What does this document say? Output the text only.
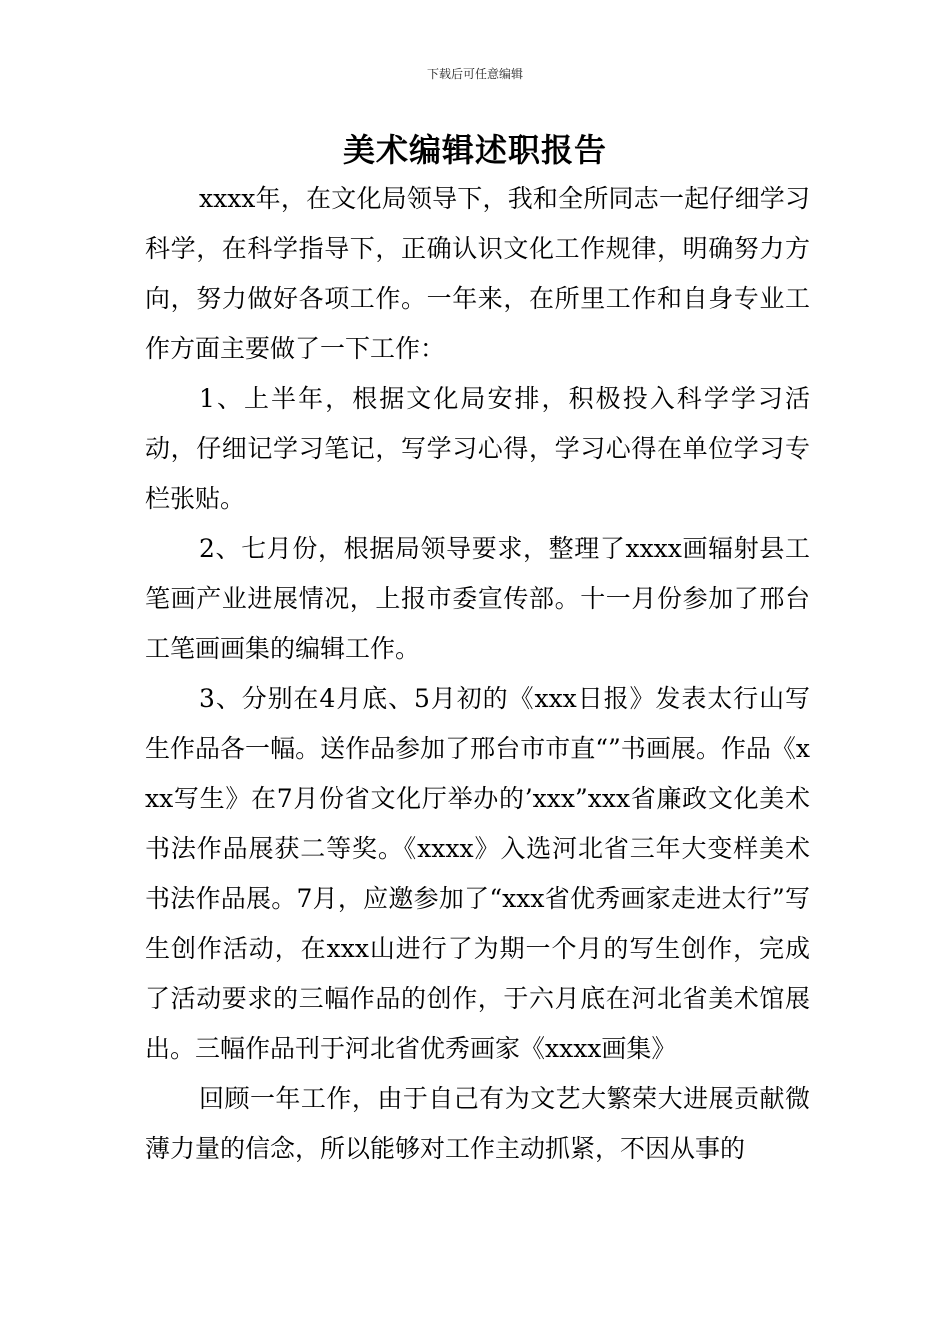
下载后可任意编辑
美术编辑述职报告

xxxx年，在文化局领导下，我和全所同志一起仔细学习科学，在科学指导下，正确认识文化工作规律，明确努力方向，努力做好各项工作。一年来，在所里工作和自身专业工作方面主要做了一下工作：

1、上半年，根据文化局安排，积极投入科学学习活动，仔细记学习笔记，写学习心得，学习心得在单位学习专栏张贴。

2、七月份，根据局领导要求，整理了xxxx画辐射县工笔画产业进展情况，上报市委宣传部。十一月份参加了邢台工笔画画集的编辑工作。

3、分别在4月底、5月初的《xxx日报》发表太行山写生作品各一幅。送作品参加了邢台市市直“”书画展。作品《xxx写生》在7月份省文化厅举办的’xxx”xxx省廉政文化美术书法作品展获二等奖。《xxxx》入选河北省三年大变样美术书法作品展。7月，应邀参加了“xxx省优秀画家走进太行”写生创作活动，在xxx山进行了为期一个月的写生创作，完成了活动要求的三幅作品的创作，于六月底在河北省美术馆展出。三幅作品刊于河北省优秀画家《xxxx画集》

回顾一年工作，由于自己有为文艺大繁荣大进展贡献微薄力量的信念，所以能够对工作主动抓紧，不因从事的
